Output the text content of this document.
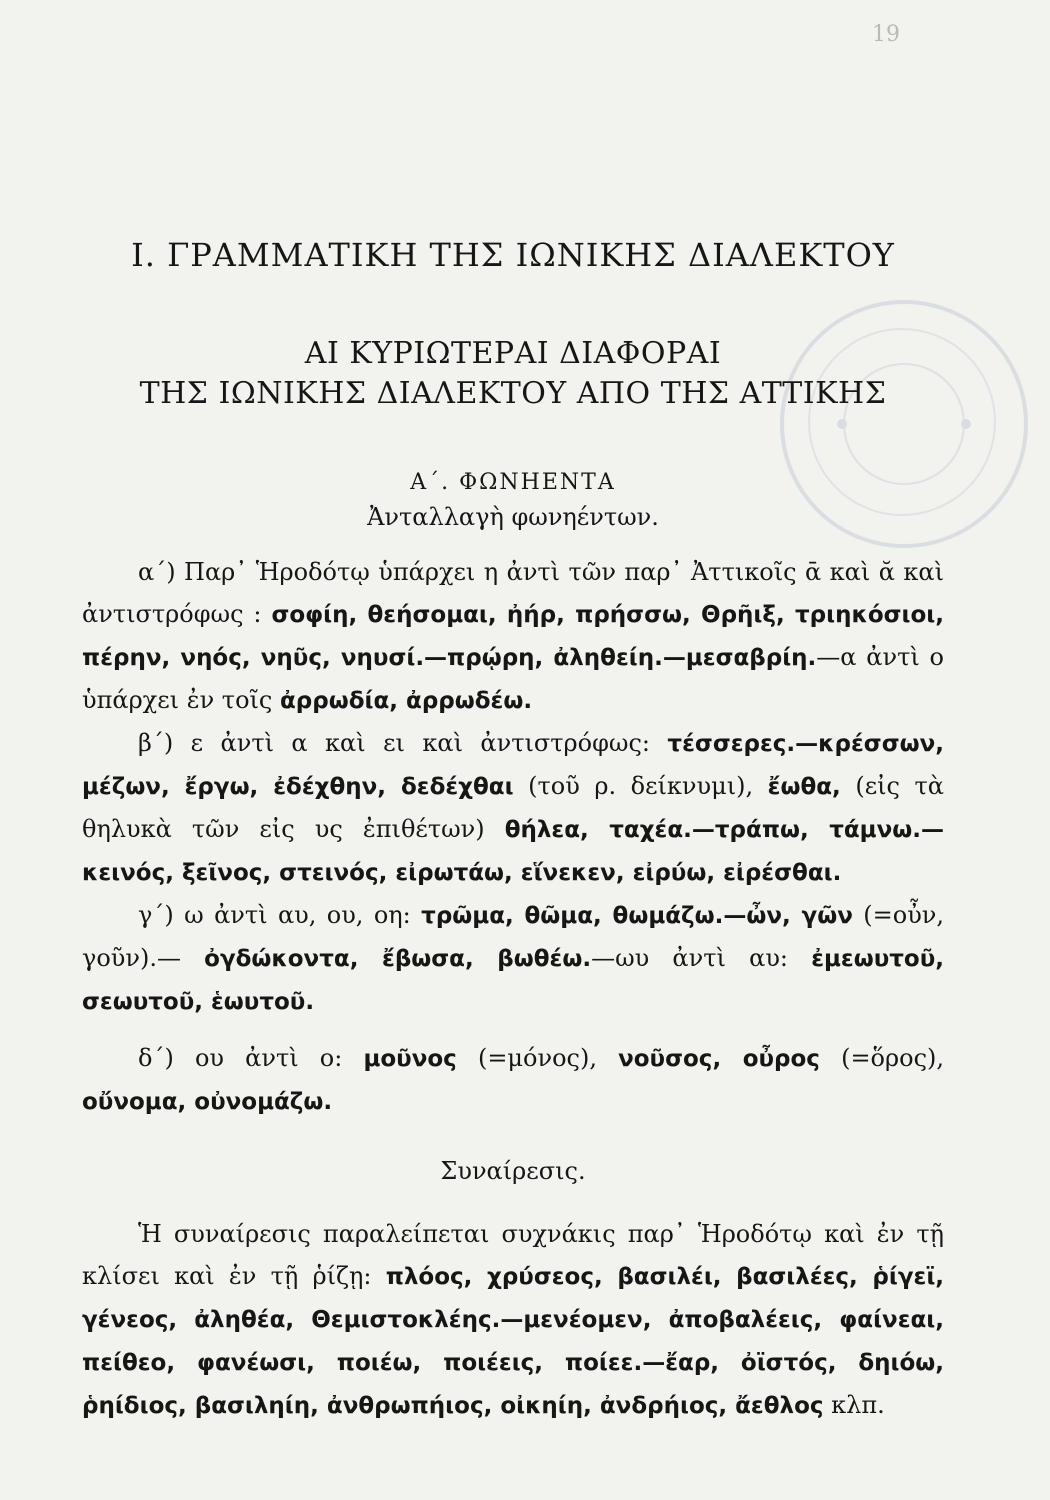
19
Ι. ΓΡΑΜΜΑΤΙΚΗ ΤΗΣ ΙΩΝΙΚΗΣ ΔΙΑΛΕΚΤΟΥ
ΑΙ ΚΥΡΙΩΤΕΡΑΙ ΔΙΑΦΟΡΑΙ
ΤΗΣ ΙΩΝΙΚΗΣ ΔΙΑΛΕΚΤΟΥ ΑΠΟ ΤΗΣ ΑΤΤΙΚΗΣ
Α΄. ΦΩΝΗΕΝΤΑ
Ἀνταλλαγὴ φωνηέντων.

α΄) Παρ᾽ Ἡροδότῳ ὑπάρχει η ἀντὶ τῶν παρ᾽ Ἀττικοῖς ᾱ καὶ ᾰ καὶ ἀντιστρόφως : σοφίη, θεήσομαι, ἠήρ, πρήσσω, Θρῆιξ, τριηκόσιοι, πέρην, νηός, νηῦς, νηυσί.—πρῴρη, ἀληθείη.—μεσαβρίη.—α ἀντὶ ο ὑπάρχει ἐν τοῖς ἀρρωδία, ἀρρωδέω.

β΄) ε ἀντὶ α καὶ ει καὶ ἀντιστρόφως: τέσσερες.—κρέσσων, μέζων, ἔργω, ἐδέχθην, δεδέχθαι (τοῦ ρ. δείκνυμι), ἔωθα, (εἰς τὰ θηλυκὰ τῶν εἰς υς ἐπιθέτων) θήλεα, ταχέα.—τράπω, τάμνω.—κεινός, ξεῖνος, στεινός, εἰρωτάω, εἵνεκεν, εἰρύω, εἰρέσθαι.

γ΄) ω ἀντὶ αυ, ου, οη: τρῶμα, θῶμα, θωμάζω.—ὦν, γῶν (=οὖν, γοῦν).— ὀγδώκοντα, ἔβωσα, βωθέω.—ωυ ἀντὶ αυ: ἐμεωυτοῦ, σεωυτοῦ, ἑωυτοῦ.

δ΄) ου ἀντὶ ο: μοῦνος (=μόνος), νοῦσος, οὖρος (=ὅρος), οὔνομα, οὐνομάζω.

Συναίρεσις.

Ἡ συναίρεσις παραλείπεται συχνάκις παρ᾽ Ἡροδότῳ καὶ ἐν τῇ κλίσει καὶ ἐν τῇ ῥίζῃ: πλόος, χρύσεος, βασιλέι, βασιλέες, ῥίγεϊ, γένεος, ἀληθέα, Θεμιστοκλέης.—μενέομεν, ἀποβαλέεις, φαίνεαι, πείθεο, φανέωσι, ποιέω, ποιέεις, ποίεε.—ἔαρ, ὀϊστός, δηιόω, ῥηίδιος, βασιληίη, ἀνθρωπήιος, οἰκηίη, ἀνδρήιος, ἄεθλος κλπ.
